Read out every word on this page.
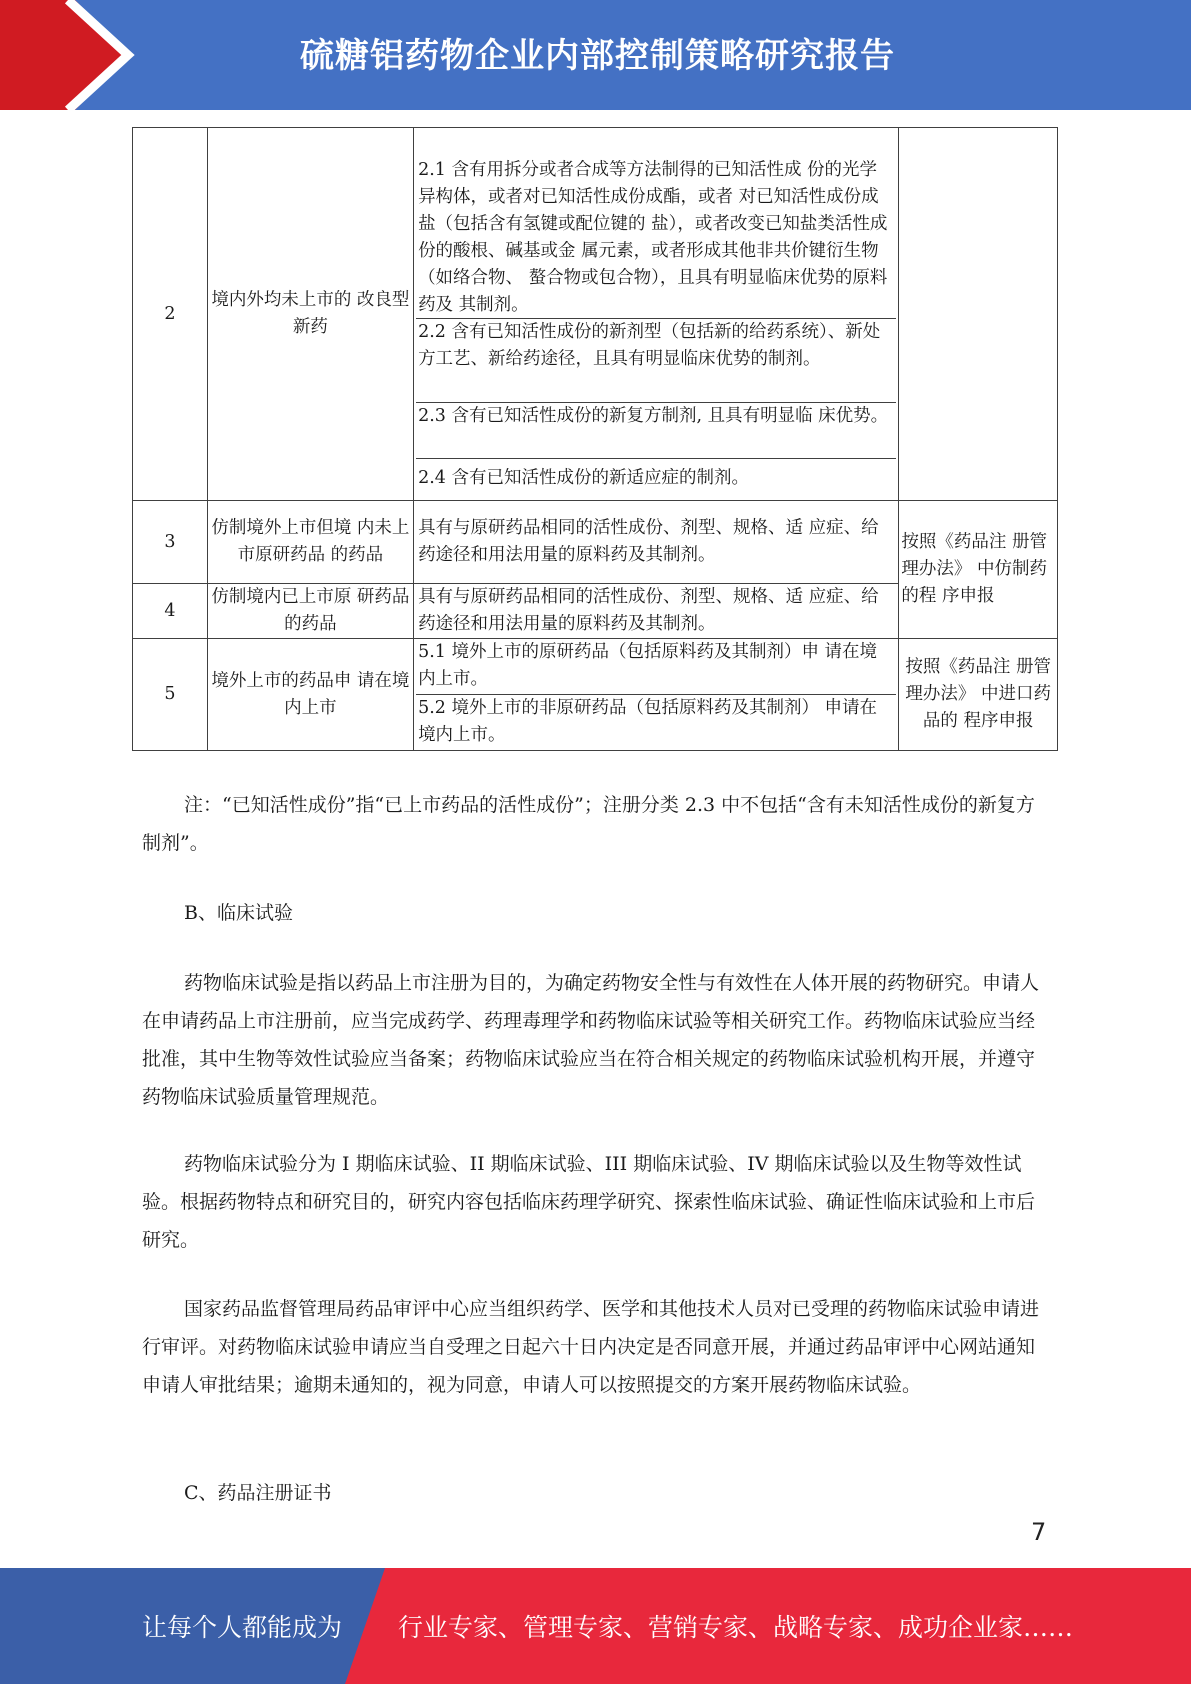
硫糖铝药物企业内部控制策略研究报告
2	境内外均未上市的 改良型新药	2.1 含有用拆分或者合成等方法制得的已知活性成 份的光学异构体，或者对已知活性成份成酯，或者 对已知活性成份成盐（包括含有氢键或配位键的 盐），或者改变已知盐类活性成份的酸根、碱基或金 属元素，或者形成其他非共价键衍生物（如络合物、 螯合物或包合物），且具有明显临床优势的原料药及 其制剂。
2.2 含有已知活性成份的新剂型（包括新的给药系统）、新处方工艺、新给药途径，且具有明显临床优势的制剂。
2.3 含有已知活性成份的新复方制剂, 且具有明显临 床优势。
2.4 含有已知活性成份的新适应症的制剂。	

3	仿制境外上市但境 内未上市原研药品 的药品	具有与原研药品相同的活性成份、剂型、规格、适 应症、给药途径和用法用量的原料药及其制剂。	按照《药品注 册管理办法》 中仿制药的程 序申报
4	仿制境内已上市原 研药品的药品	具有与原研药品相同的活性成份、剂型、规格、适 应症、给药途径和用法用量的原料药及其制剂。	

5	境外上市的药品申 请在境内上市	5.1 境外上市的原研药品（包括原料药及其制剂）申 请在境内上市。
5.2 境外上市的非原研药品（包括原料药及其制剂） 申请在境内上市。	按照《药品注 册管理办法》 中进口药品的 程序申报

注：“已知活性成份”指“已上市药品的活性成份”；注册分类 2.3 中不包括“含有未知活性成份的新复方制剂”。

B、临床试验

药物临床试验是指以药品上市注册为目的，为确定药物安全性与有效性在人体开展的药物研究。申请人在申请药品上市注册前，应当完成药学、药理毒理学和药物临床试验等相关研究工作。药物临床试验应当经批准，其中生物等效性试验应当备案；药物临床试验应当在符合相关规定的药物临床试验机构开展，并遵守药物临床试验质量管理规范。

药物临床试验分为 I 期临床试验、II 期临床试验、III 期临床试验、IV 期临床试验以及生物等效性试验。根据药物特点和研究目的，研究内容包括临床药理学研究、探索性临床试验、确证性临床试验和上市后研究。

国家药品监督管理局药品审评中心应当组织药学、医学和其他技术人员对已受理的药物临床试验申请进行审评。对药物临床试验申请应当自受理之日起六十日内决定是否同意开展，并通过药品审评中心网站通知申请人审批结果；逾期未通知的，视为同意，申请人可以按照提交的方案开展药物临床试验。

C、药品注册证书

7
让每个人都能成为 行业专家、管理专家、营销专家、战略专家、成功企业家……
